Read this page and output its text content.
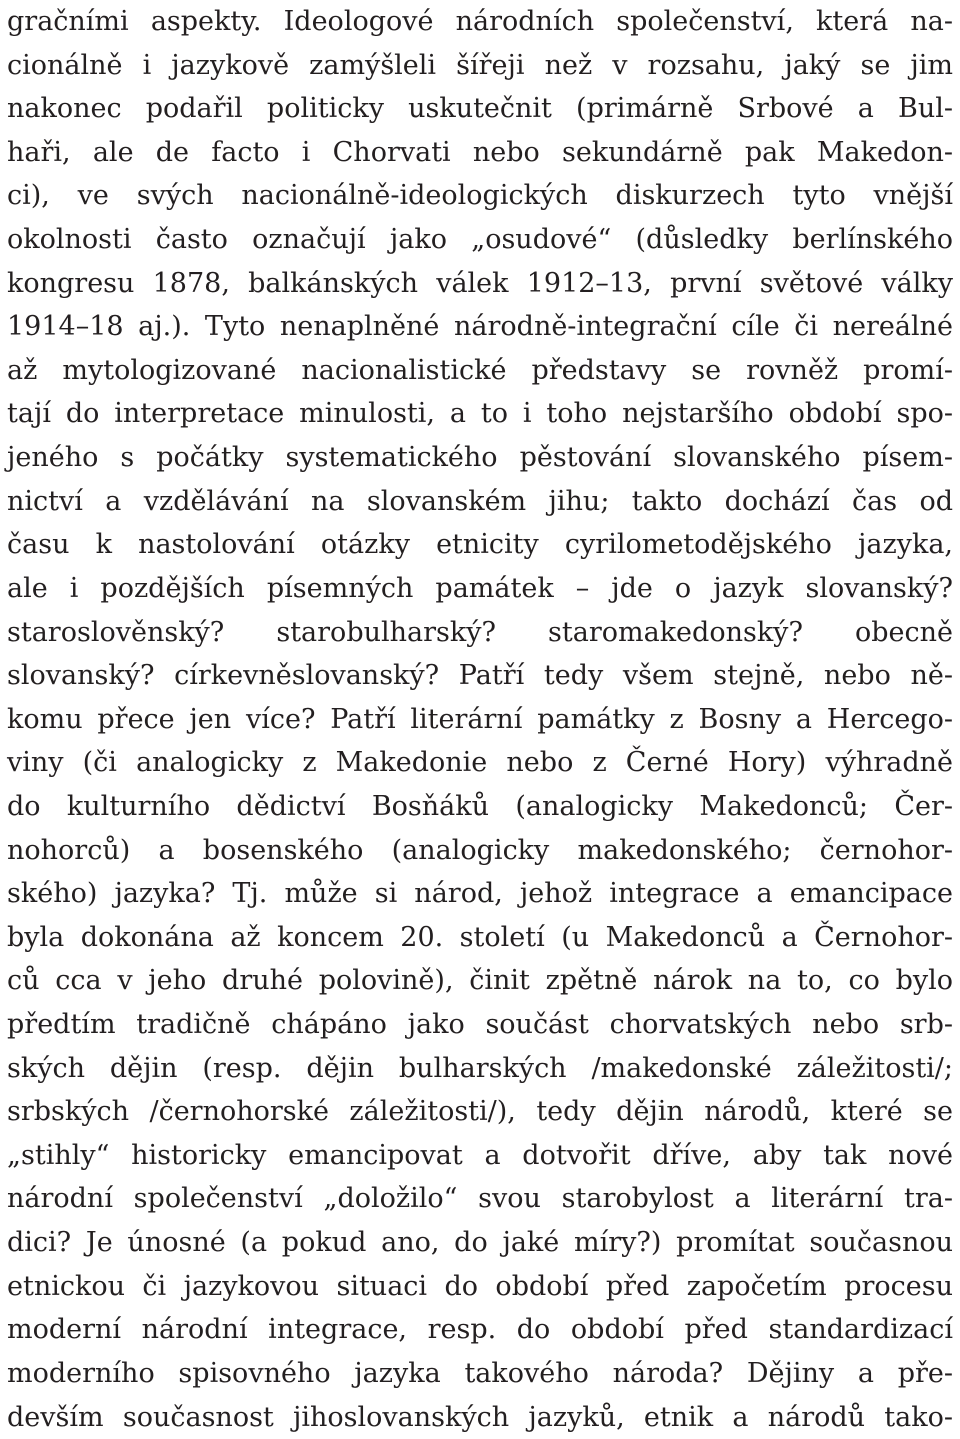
gračními aspekty. Ideologové národních společenství, která na-
cionálně i jazykově zamýšleli šířeji než v rozsahu, jaký se jim
nakonec podařil politicky uskutečnit (primárně Srbové a Bul-
haři, ale de facto i Chorvati nebo sekundárně pak Makedon-
ci), ve svých nacionálně-ideologických diskurzech tyto vnější
okolnosti často označují jako „osudové“ (důsledky berlínského
kongresu 1878, balkánských válek 1912–13, první světové války
1914–18 aj.). Tyto nenaplněné národně-integrační cíle či nereálné
až mytologizované nacionalistické představy se rovněž promí-
tají do interpretace minulosti, a to i toho nejstaršího období spo-
jeného s počátky systematického pěstování slovanského písem-
nictví a vzdělávání na slovanském jihu; takto dochází čas od
času k nastolování otázky etnicity cyrilometodějského jazyka,
ale i pozdějších písemných památek – jde o jazyk slovanský?
staroslověnský? starobulharský? staromakedonský? obecně
slovanský? církevněslovanský? Patří tedy všem stejně, nebo ně-
komu přece jen více? Patří literární památky z Bosny a Hercego-
viny (či analogicky z Makedonie nebo z Černé Hory) výhradně
do kulturního dědictví Bosňáků (analogicky Makedonců; Čer-
nohorců) a bosenského (analogicky makedonského; černohor-
ského) jazyka? Tj. může si národ, jehož integrace a emancipace
byla dokonána až koncem 20. století (u Makedonců a Černohor-
ců cca v jeho druhé polovině), činit zpětně nárok na to, co bylo
předtím tradičně chápáno jako součást chorvatských nebo srb-
ských dějin (resp. dějin bulharských /makedonské záležitosti/;
srbských /černohorské záležitosti/), tedy dějin národů, které se
„stihly“ historicky emancipovat a dotvořit dříve, aby tak nové
národní společenství „doložilo“ svou starobylost a literární tra-
dici? Je únosné (a pokud ano, do jaké míry?) promítat současnou
etnickou či jazykovou situaci do období před započetím procesu
moderní národní integrace, resp. do období před standardizací
moderního spisovného jazyka takového národa? Dějiny a pře-
devším současnost jihoslovanských jazyků, etnik a národů tako-
